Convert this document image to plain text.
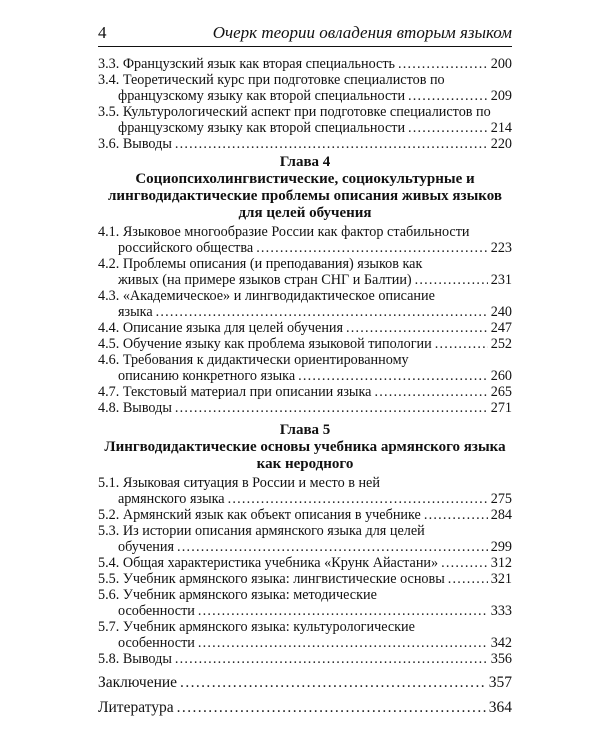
4	Очерк теории овладения вторым языком
3.3. Французский язык как вторая специальность .....	200
3.4. Теоретический курс при подготовке специалистов по
французскому языку как второй специальности .....	209
3.5. Культурологический аспект при подготовке специалистов по
французскому языку как второй специальности .....	214
3.6. Выводы .....	220
Глава 4
Социопсихолингвистические, социокультурные и
лингводидактические проблемы описания живых языков
для целей обучения
4.1. Языковое многообразие России как фактор стабильности
российского общества .....	223
4.2. Проблемы описания (и преподавания) языков как
живых (на примере языков стран СНГ и Балтии) .....	231
4.3. «Академическое» и лингводидактическое описание
языка .....	240
4.4. Описание языка для целей обучения .....	247
4.5. Обучение языку как проблема языковой типологии .....	252
4.6. Требования к дидактически ориентированному
описанию конкретного языка .....	260
4.7. Текстовый материал при описании языка .....	265
4.8. Выводы .....	271
Глава 5
Лингводидактические основы учебника армянского языка
как неродного
5.1. Языковая ситуация в России и место в ней
армянского языка .....	275
5.2. Армянский язык как объект описания в учебнике .....	284
5.3. Из истории описания армянского языка для целей
обучения .....	299
5.4. Общая характеристика учебника «Крунк Айастани» .....	312
5.5. Учебник армянского языка: лингвистические основы .....	321
5.6. Учебник армянского языка: методические
особенности .....	333
5.7. Учебник армянского языка: культурологические
особенности .....	342
5.8. Выводы .....	356
Заключение .....	357
Литература .....	364
